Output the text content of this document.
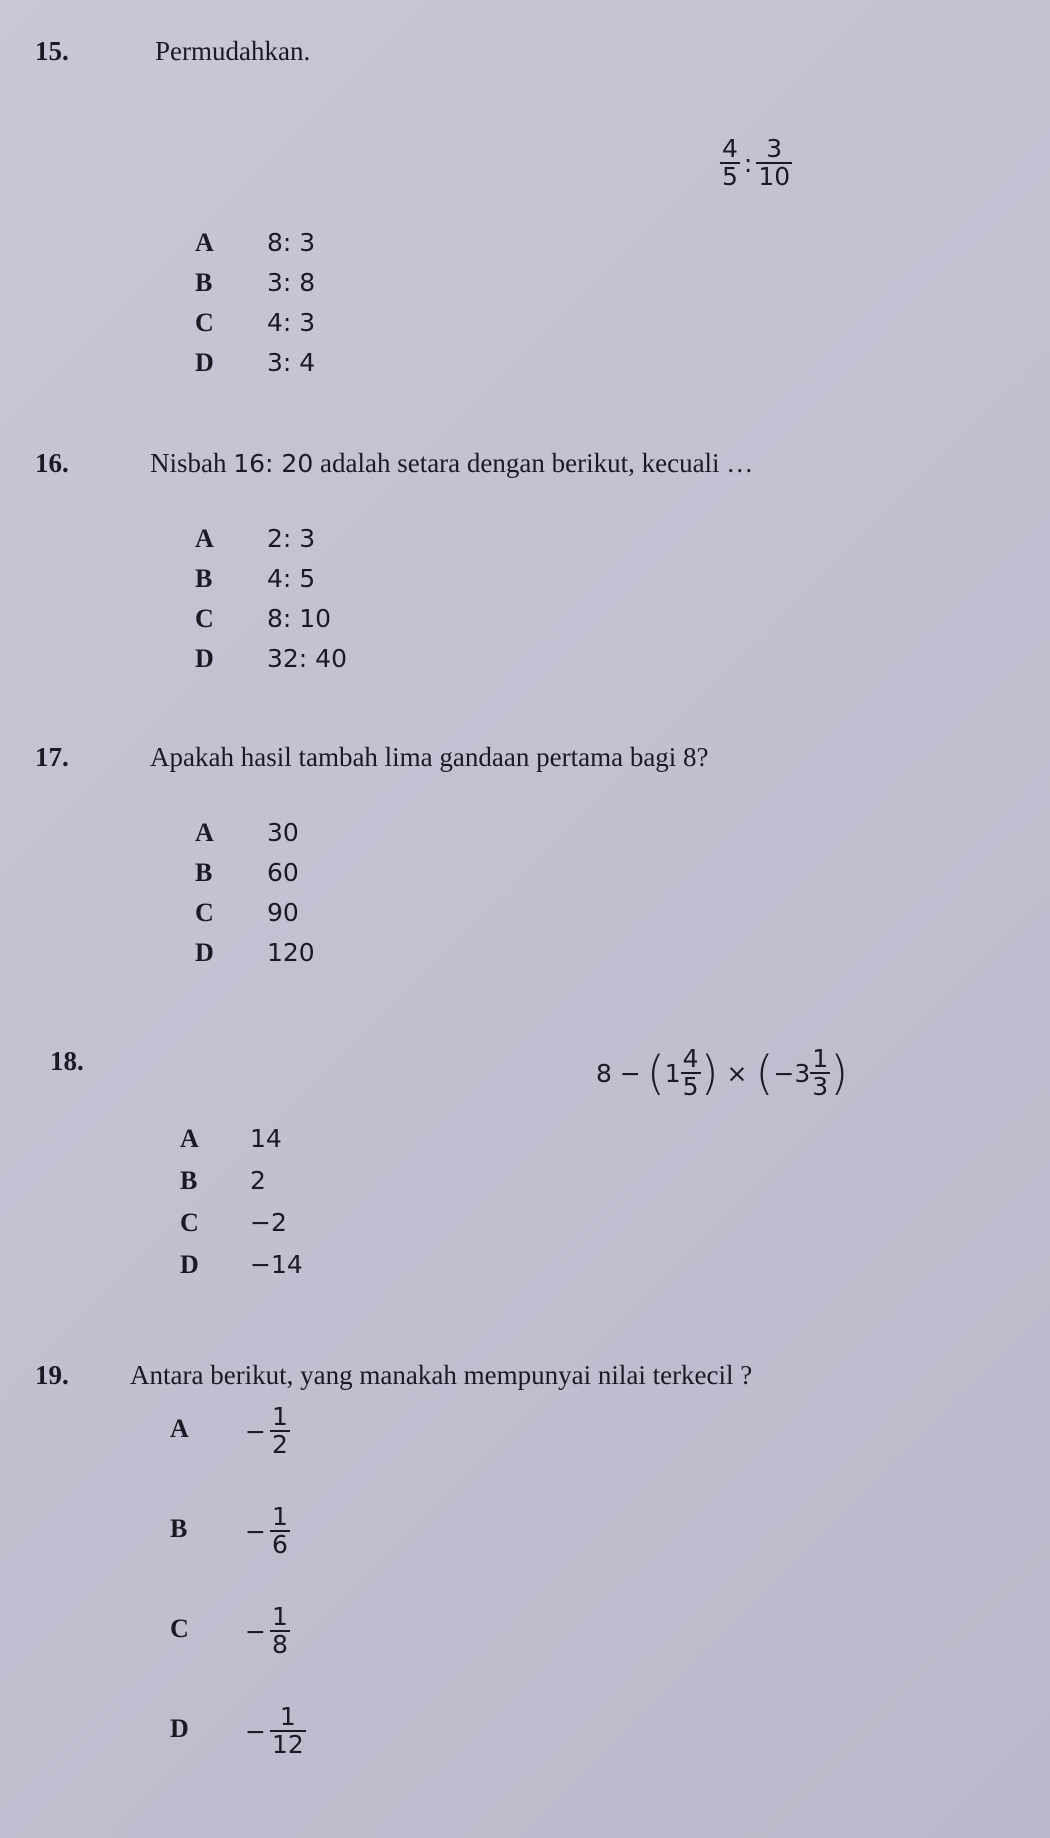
15.	Permudahkan.
$\frac{4}{5}$ : $\frac{3}{10}$
A 8: 3
B 3: 8
C 4: 3
D 3: 4
16.	Nisbah 16: 20 adalah setara dengan berikut, kecuali …
A 2: 3
B 4: 5
C 8: 10
D 32: 40
17.	Apakah hasil tambah lima gandaan pertama bagi 8?
A 30
B 60
C 90
D 120
18.	8 − ( $1 \frac{4}{5}$ ) × ( $-3 \frac{1}{3}$ )
A 14
B 2
C −2
D −14
19. Antara berikut, yang manakah mempunyai nilai terkecil ?
$A - \frac{1}{2}$
$B - \frac{1}{6}$
$C - \frac{1}{8}$
$D - \frac{1}{12}$
